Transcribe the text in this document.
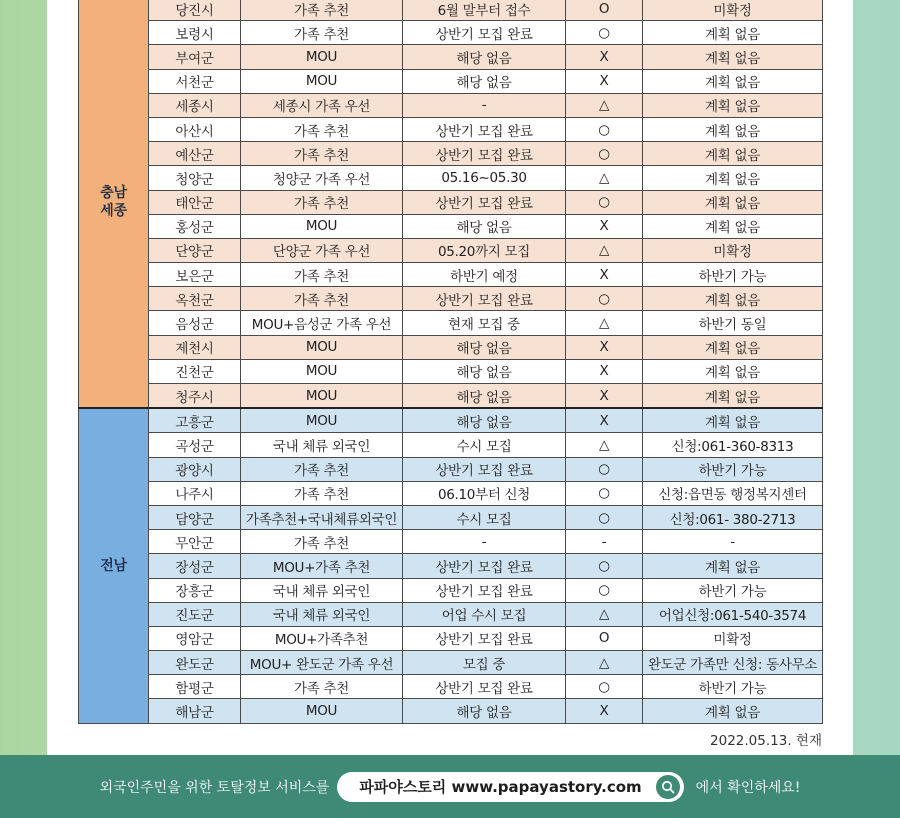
충남
세종	당진시	가족 추천	6월 말부터 접수	O	미확정
	보령시	가족 추천	상반기 모집 완료	○	계획 없음
	부여군	MOU	해당 없음	X	계획 없음
	서천군	MOU	해당 없음	X	계획 없음
	세종시	세종시 가족 우선	-	△	계획 없음
	아산시	가족 추천	상반기 모집 완료	○	계획 없음
	예산군	가족 추천	상반기 모집 완료	○	계획 없음
	청양군	청양군 가족 우선	05.16~05.30	△	계획 없음
	태안군	가족 추천	상반기 모집 완료	○	계획 없음
	홍성군	MOU	해당 없음	X	계획 없음
	단양군	단양군 가족 우선	05.20까지 모집	△	미확정
	보은군	가족 추천	하반기 예정	X	하반기 가능
	옥천군	가족 추천	상반기 모집 완료	○	계획 없음
	음성군	MOU+음성군 가족 우선	현재 모집 중	△	하반기 동일
	제천시	MOU	해당 없음	X	계획 없음
	진천군	MOU	해당 없음	X	계획 없음
	청주시	MOU	해당 없음	X	계획 없음
전남	고흥군	MOU	해당 없음	X	계획 없음
	곡성군	국내 체류 외국인	수시 모집	△	신청:061-360-8313
	광양시	가족 추천	상반기 모집 완료	○	하반기 가능
	나주시	가족 추천	06.10부터 신청	○	신청:읍면동 행정복지센터
	담양군	가족추천+국내체류외국인	수시 모집	○	신청:061- 380-2713
	무안군	가족 추천	-	-	-
	장성군	MOU+가족 추천	상반기 모집 완료	○	계획 없음
	장흥군	국내 체류 외국인	상반기 모집 완료	○	하반기 가능
	진도군	국내 체류 외국인	어업 수시 모집	△	어업신청:061-540-3574
	영암군	MOU+가족추천	상반기 모집 완료	O	미확정
	완도군	MOU+ 완도군 가족 우선	모집 중	△	완도군 가족만 신청: 동사무소
	함평군	가족 추천	상반기 모집 완료	○	하반기 가능
	해남군	MOU	해당 없음	X	계획 없음
2022.05.13. 현재
외국인주민을 위한 토탈정보 서비스를 파파야스토리 www.papayastory.com	에서 확인하세요!
